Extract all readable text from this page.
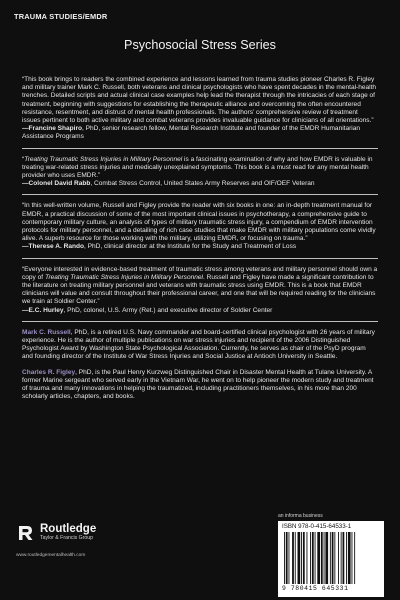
TRAUMA STUDIES/EMDR
Psychosocial Stress Series

“This book brings to readers the combined experience and lessons learned from trauma studies pioneer Charles R. Figley and military trainer Mark C. Russell, both veterans and clinical psychologists who have spent decades in the mental-health trenches. Detailed scripts and actual clinical case examples help lead the therapist through the intricacies of each stage of treatment, beginning with suggestions for establishing the therapeutic alliance and overcoming the often encountered resistance, resentment, and distrust of mental health professionals. The authors’ comprehensive review of treatment issues pertinent to both active military and combat veterans provides invaluable guidance for clinicians of all orientations.”

—Francine Shapiro, PhD, senior research fellow, Mental Research Institute and founder of the EMDR Humanitarian Assistance Programs

“Treating Traumatic Stress Injuries in Military Personnel is a fascinating examination of why and how EMDR is valuable in treating war-related stress injuries and medically unexplained symptoms. This book is a must read for any mental health provider who uses EMDR.”

—Colonel David Rabb, Combat Stress Control, United States Army Reserves and OIF/OEF Veteran

“In this well-written volume, Russell and Figley provide the reader with six books in one: an in-depth treatment manual for EMDR, a practical discussion of some of the most important clinical issues in psychotherapy, a comprehensive guide to contemporary military culture, an analysis of types of military traumatic stress injury, a compendium of EMDR intervention protocols for military personnel, and a detailing of rich case studies that make EMDR with military populations come vividly alive. A superb resource for those working with the military, utilizing EMDR, or focusing on trauma.”

—Therese A. Rando, PhD, clinical director at the Institute for the Study and Treatment of Loss

“Everyone interested in evidence-based treatment of traumatic stress among veterans and military personnel should own a copy of Treating Traumatic Stress Injuries in Military Personnel. Russell and Figley have made a significant contribution to the literature on treating military personnel and veterans with traumatic stress using EMDR. This is a book that EMDR clinicians will value and consult throughout their professional career, and one that will be required reading for the clinicians we train at Soldier Center.”

—E.C. Hurley, PhD, colonel, U.S. Army (Ret.) and executive director of Soldier Center

Mark C. Russell, PhD, is a retired U.S. Navy commander and board-certified clinical psychologist with 26 years of military experience. He is the author of multiple publications on war stress injuries and recipient of the 2006 Distinguished Psychologist Award by Washington State Psychological Association. Currently, he serves as chair of the PsyD program and founding director of the Institute of War Stress Injuries and Social Justice at Antioch University in Seattle.

Charles R. Figley, PhD, is the Paul Henry Kurzweg Distinguished Chair in Disaster Mental Health at Tulane University. A former Marine sergeant who served early in the Vietnam War, he went on to help pioneer the modern study and treatment of trauma and many innovations in helping the traumatized, including practitioners themselves, in his more than 200 scholarly articles, chapters, and books.

Routledge
Taylor & Francis Group
www.routledgementalhealth.com
an informa business
ISBN 978-0-415-64533-1
9 780415 645331
